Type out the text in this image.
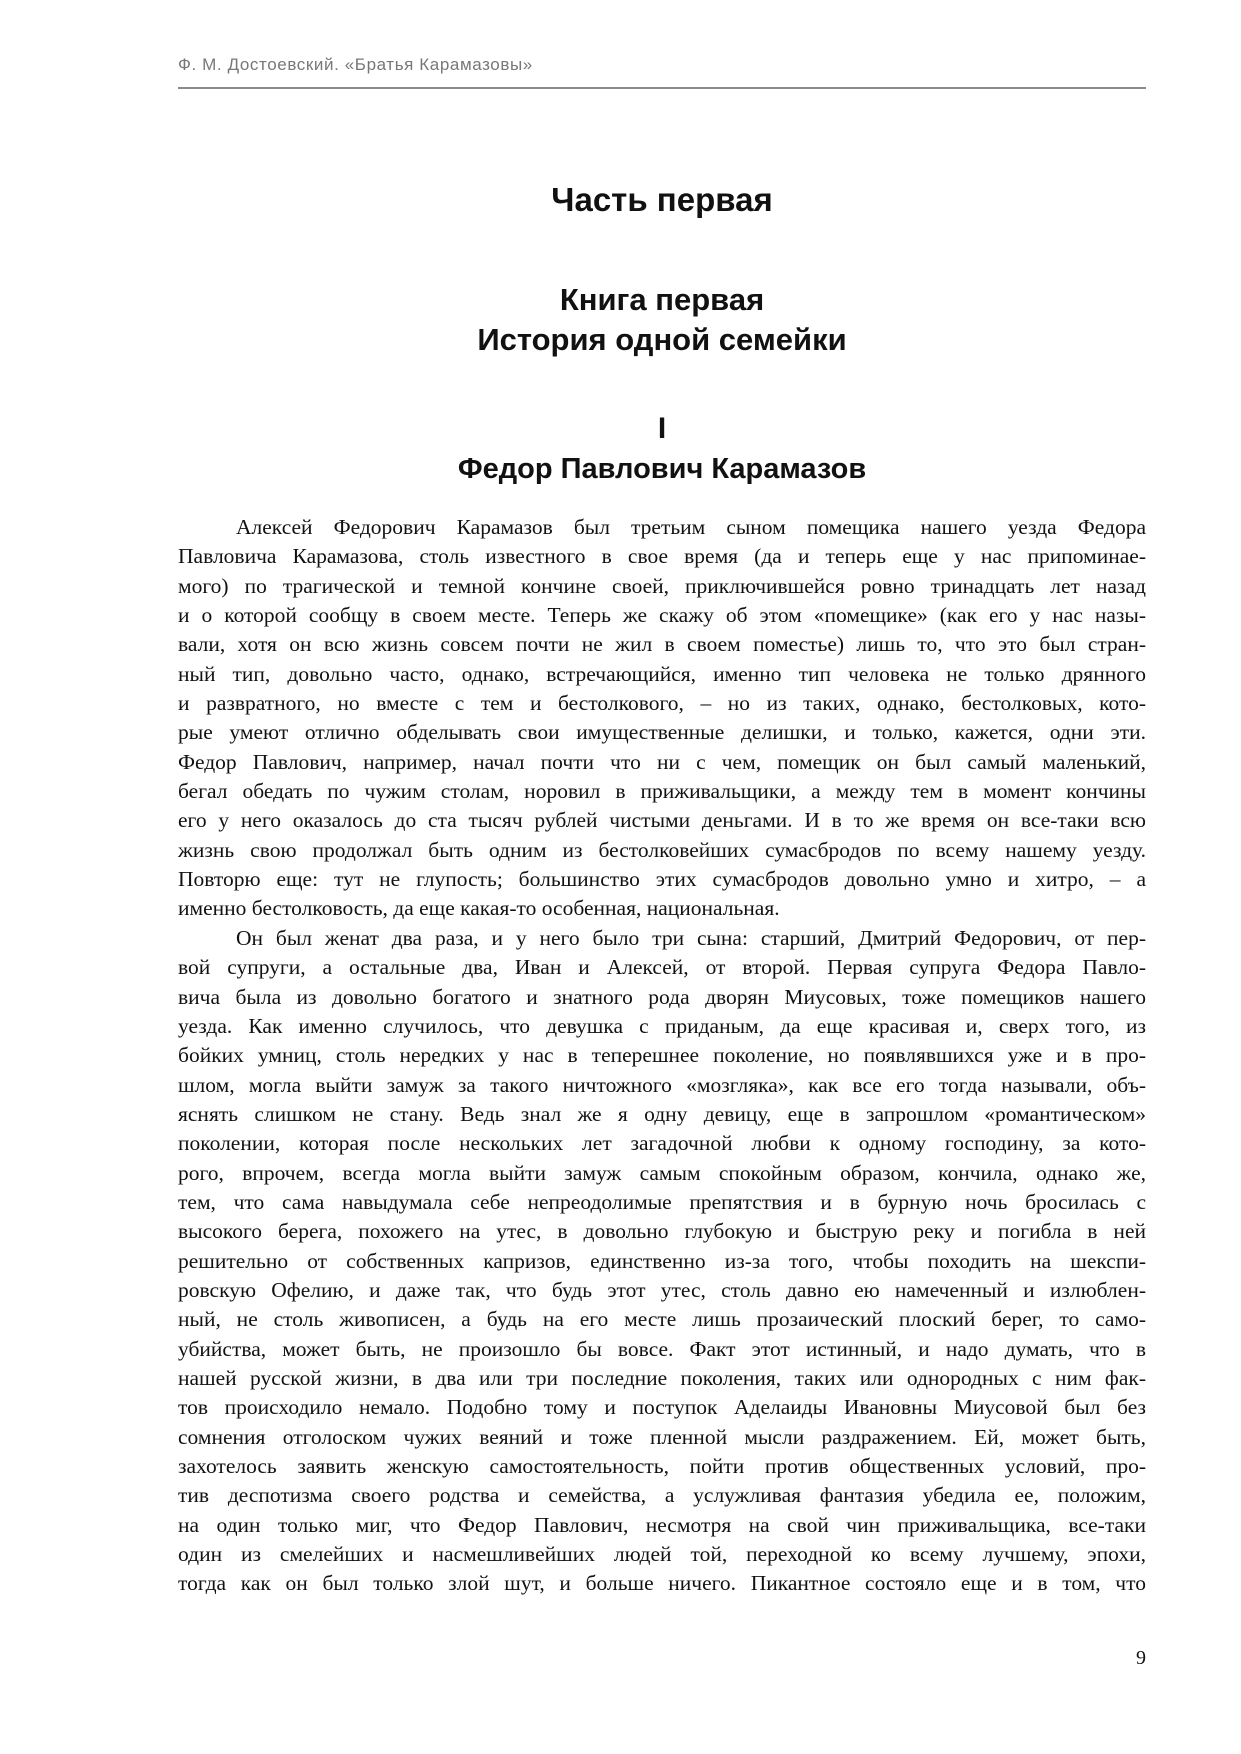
Ф. М. Достоевский. «Братья Карамазовы»
Часть первая
Книга первая
История одной семейки
I
Федор Павлович Карамазов
Алексей Федорович Карамазов был третьим сыном помещика нашего уезда Федора
Павловича Карамазова, столь известного в свое время (да и теперь еще у нас припоминае-
мого) по трагической и темной кончине своей, приключившейся ровно тринадцать лет назад
и о которой сообщу в своем месте. Теперь же скажу об этом «помещике» (как его у нас назы-
вали, хотя он всю жизнь совсем почти не жил в своем поместье) лишь то, что это был стран-
ный тип, довольно часто, однако, встречающийся, именно тип человека не только дрянного
и развратного, но вместе с тем и бестолкового, – но из таких, однако, бестолковых, кото-
рые умеют отлично обделывать свои имущественные делишки, и только, кажется, одни эти.
Федор Павлович, например, начал почти что ни с чем, помещик он был самый маленький,
бегал обедать по чужим столам, норовил в приживальщики, а между тем в момент кончины
его у него оказалось до ста тысяч рублей чистыми деньгами. И в то же время он все-таки всю
жизнь свою продолжал быть одним из бестолковейших сумасбродов по всему нашему уезду.
Повторю еще: тут не глупость; большинство этих сумасбродов довольно умно и хитро, – а
именно бестолковость, да еще какая-то особенная, национальная.
Он был женат два раза, и у него было три сына: старший, Дмитрий Федорович, от пер-
вой супруги, а остальные два, Иван и Алексей, от второй. Первая супруга Федора Павло-
вича была из довольно богатого и знатного рода дворян Миусовых, тоже помещиков нашего
уезда. Как именно случилось, что девушка с приданым, да еще красивая и, сверх того, из
бойких умниц, столь нередких у нас в теперешнее поколение, но появлявшихся уже и в про-
шлом, могла выйти замуж за такого ничтожного «мозгляка», как все его тогда называли, объ-
яснять слишком не стану. Ведь знал же я одну девицу, еще в запрошлом «романтическом»
поколении, которая после нескольких лет загадочной любви к одному господину, за кото-
рого, впрочем, всегда могла выйти замуж самым спокойным образом, кончила, однако же,
тем, что сама навыдумала себе непреодолимые препятствия и в бурную ночь бросилась с
высокого берега, похожего на утес, в довольно глубокую и быструю реку и погибла в ней
решительно от собственных капризов, единственно из-за того, чтобы походить на шекспи-
ровскую Офелию, и даже так, что будь этот утес, столь давно ею намеченный и излюблен-
ный, не столь живописен, а будь на его месте лишь прозаический плоский берег, то само-
убийства, может быть, не произошло бы вовсе. Факт этот истинный, и надо думать, что в
нашей русской жизни, в два или три последние поколения, таких или однородных с ним фак-
тов происходило немало. Подобно тому и поступок Аделаиды Ивановны Миусовой был без
сомнения отголоском чужих веяний и тоже пленной мысли раздражением. Ей, может быть,
захотелось заявить женскую самостоятельность, пойти против общественных условий, про-
тив деспотизма своего родства и семейства, а услужливая фантазия убедила ее, положим,
на один только миг, что Федор Павлович, несмотря на свой чин приживальщика, все-таки
один из смелейших и насмешливейших людей той, переходной ко всему лучшему, эпохи,
тогда как он был только злой шут, и больше ничего. Пикантное состояло еще и в том, что
9
